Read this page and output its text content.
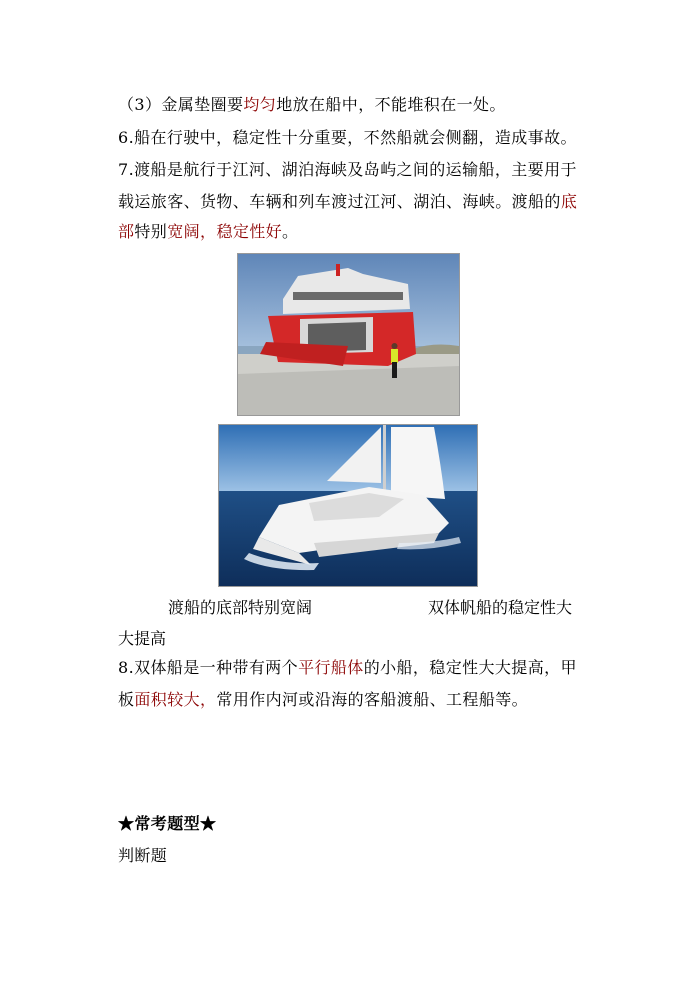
（3）金属垫圈要均匀地放在船中，不能堆积在一处。
6.船在行驶中，稳定性十分重要，不然船就会侧翻，造成事故。
7.渡船是航行于江河、湖泊海峡及岛屿之间的运输船，主要用于
载运旅客、货物、车辆和列车渡过江河、湖泊、海峡。渡船的底
部特别宽阔，稳定性好。
渡船的底部特别宽阔	双体帆船的稳定性大
大提高
8.双体船是一种带有两个平行船体的小船，稳定性大大提高，甲
板面积较大，常用作内河或沿海的客船渡船、工程船等。
★常考题型★
判断题
